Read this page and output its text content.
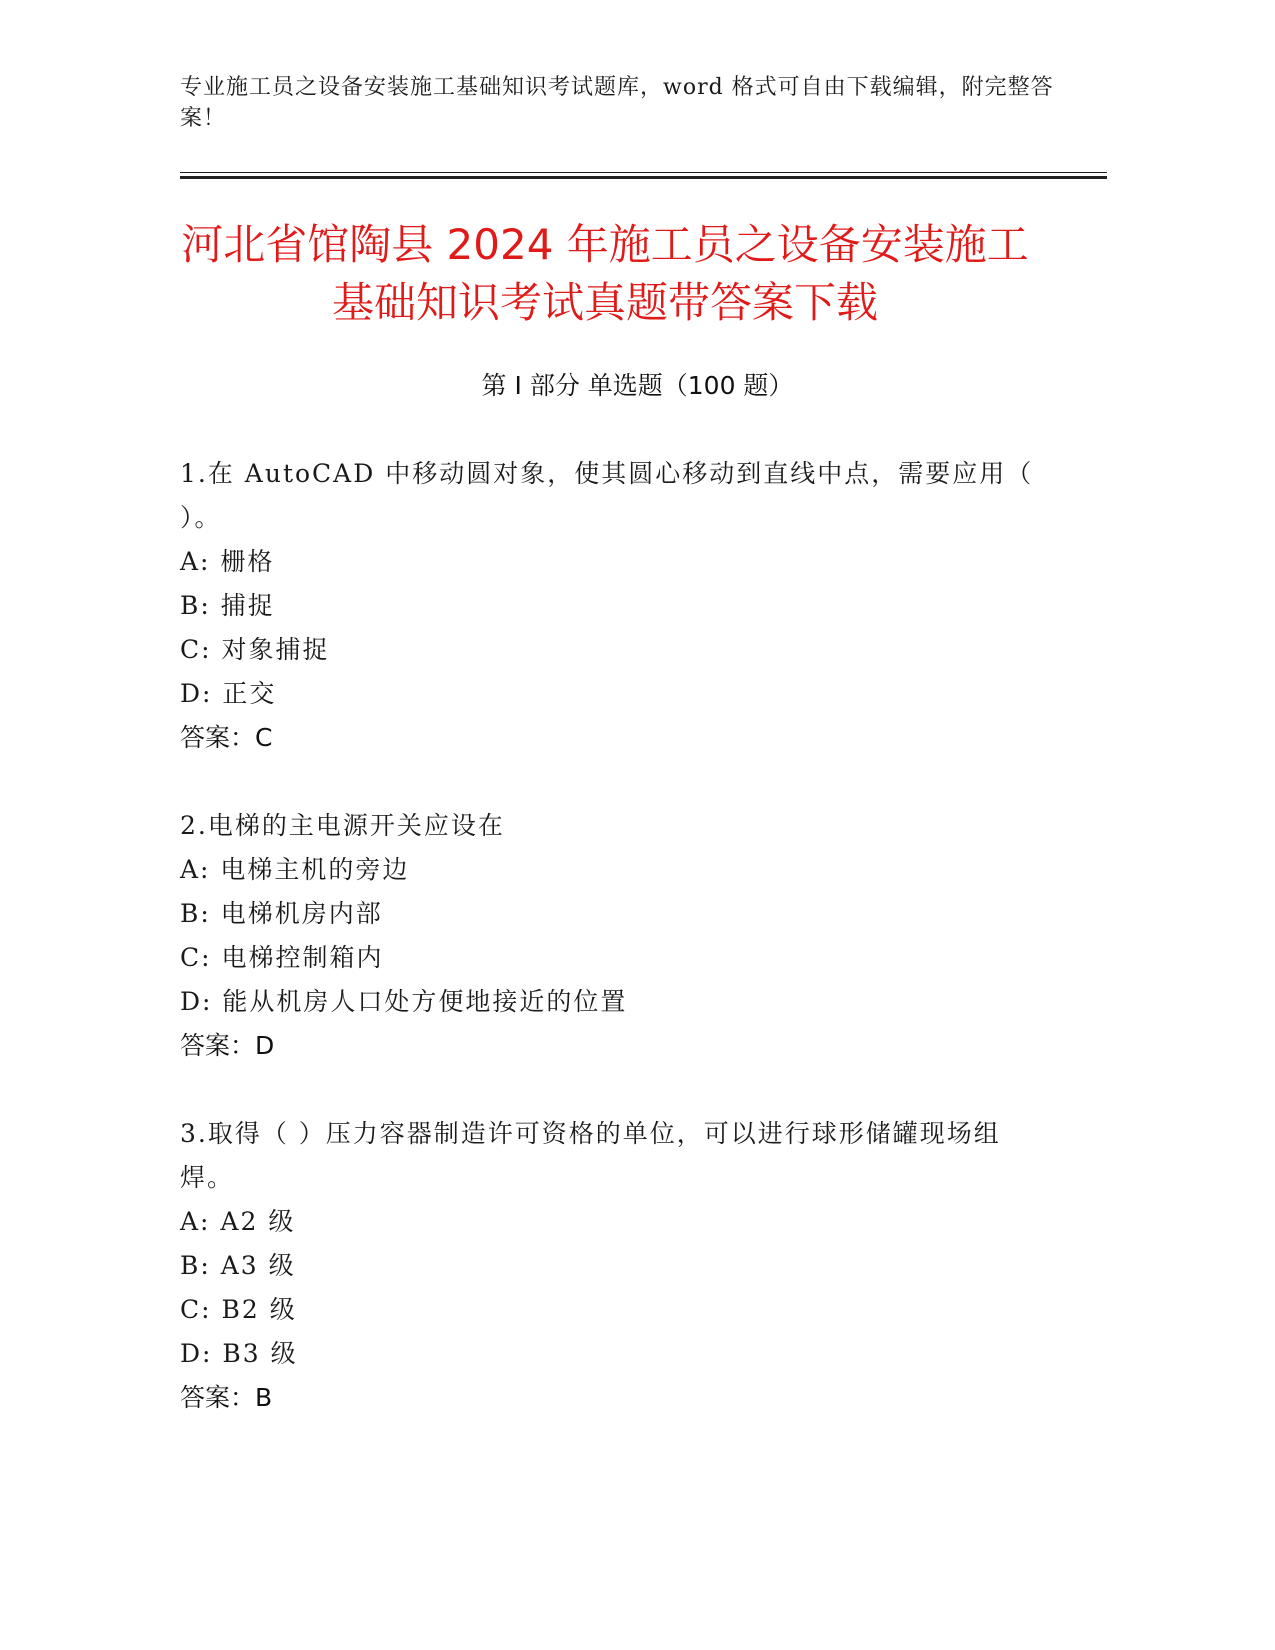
专业施工员之设备安装施工基础知识考试题库，word 格式可自由下载编辑，附完整答案！
河北省馆陶县 2024 年施工员之设备安装施工
基础知识考试真题带答案下载
第 I 部分 单选题（100 题）
1.在 AutoCAD 中移动圆对象，使其圆心移动到直线中点，需要应用（ ）。
A: 栅格
B: 捕捉
C: 对象捕捉
D: 正交
答案：C
2.电梯的主电源开关应设在
A: 电梯主机的旁边
B: 电梯机房内部
C: 电梯控制箱内
D: 能从机房人口处方便地接近的位置
答案：D
3.取得（ ）压力容器制造许可资格的单位，可以进行球形储罐现场组焊。
A: A2 级
B: A3 级
C: B2 级
D: B3 级
答案：B
